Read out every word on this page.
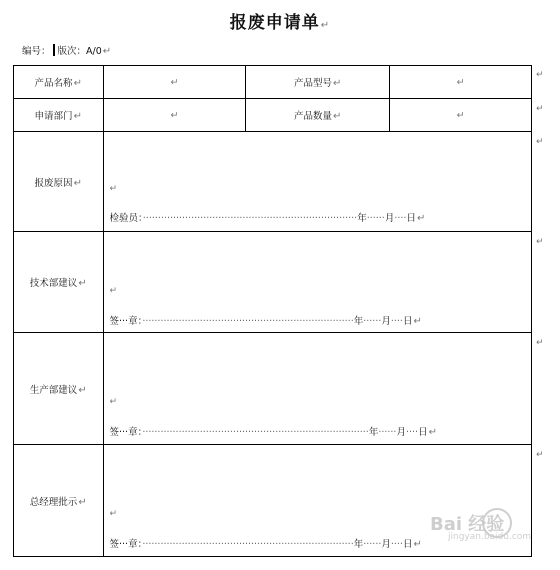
报废申请单↵
编号： 版次：A/0↵
产品名称↵	↵	产品型号↵	↵
申请部门↵	↵	产品数量↵	↵
报废原因↵	↵
检验员：·······································································年······月····日↵		

技术部建议↵	↵
签···章：······································································年······月····日↵		

生产部建议↵	↵
签···章：···········································································年······月····日↵		

总经理批示↵	↵
签···章：······································································年······月····日↵		
↵
↵
↵
↵
↵
↵
Bai 经验
jingyan.baidu.com
